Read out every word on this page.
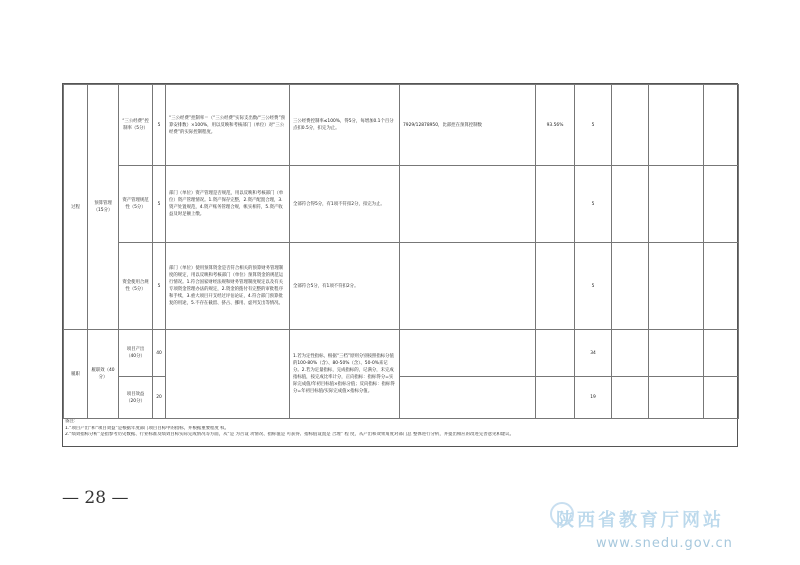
过程	预算管理（15分）	“三公经费”控制率（5分）	5	“三公经费”控制率＝（“三公经费”实际支出数/“三公经费”预算安排数）×100%，用以反映和考核部门（单位）对“三公经费”的实际控制程度。	三公经费控制率≤100%，得5分，每增加0.1个百分点扣0.5分，扣完为止。	7929/12878950，比部控在预算控制数	93.56%	5			
		资产管理规范性（5分）	5	部门（单位）资产管理是否规范，用以反映和考核部门（单位）资产管理情况。1.资产保存完整，2.资产配置合理，3.资产处置规范，4.资产账务管理合规，帐实相符，5.资产收益及时足额上缴。	全部符合得5分，有1项不符扣2分，扣完为止。			5			
		资金使用合规性（5分）	5	部门（单位）使用预算资金是否符合相关的预算财务管理制度的规定，用以反映和考核部门（单位）预算资金的规范运行情况。1.符合国家财经法规和财务管理制度规定以及有关专项资金管理办法的规定，2.资金的拨付有完整的审批程序和手续，3.重大项目开支经过评估论证，4.符合部门预算批复的用途，5.不存在截留、挤占、挪用、虚列支出等情况。	全部符合5分，有1项不符扣2分。			5			
履职	履职效（40分）	项目产出（40分）	40		1.若为定性指标，根据“三档”原则分别按照指标分值的100-80%（含）、80-50%（含）、50-0%来记分。2.若为定量指标，完成指标的，记满分，未完成指标值，按完成比率计分，正向指标：指标得分=实际完成值/年初目标值×指标分值；反向指标：指标得分=年初目标值/实际完成值×指标分值。			34			
		项目效益（20分）	20					19			
备注：
1.“项目产出”和“项目效益”是根据年度部门项目目标中的指标，并根据重要程度 权。
2.“绩效指标分析”是指参考历史数据、行业标准及绩效目标实际完成情况等方面，从“是 为否设 功情况、指标值是 可获得、指标值设置是 合理” 程 度，从产出和效果角度对部门总 整体进行分析，并提出相应的改进完善意见和建议。
— 28 —
陕西省教育厅网站
www.snedu.gov.cn
